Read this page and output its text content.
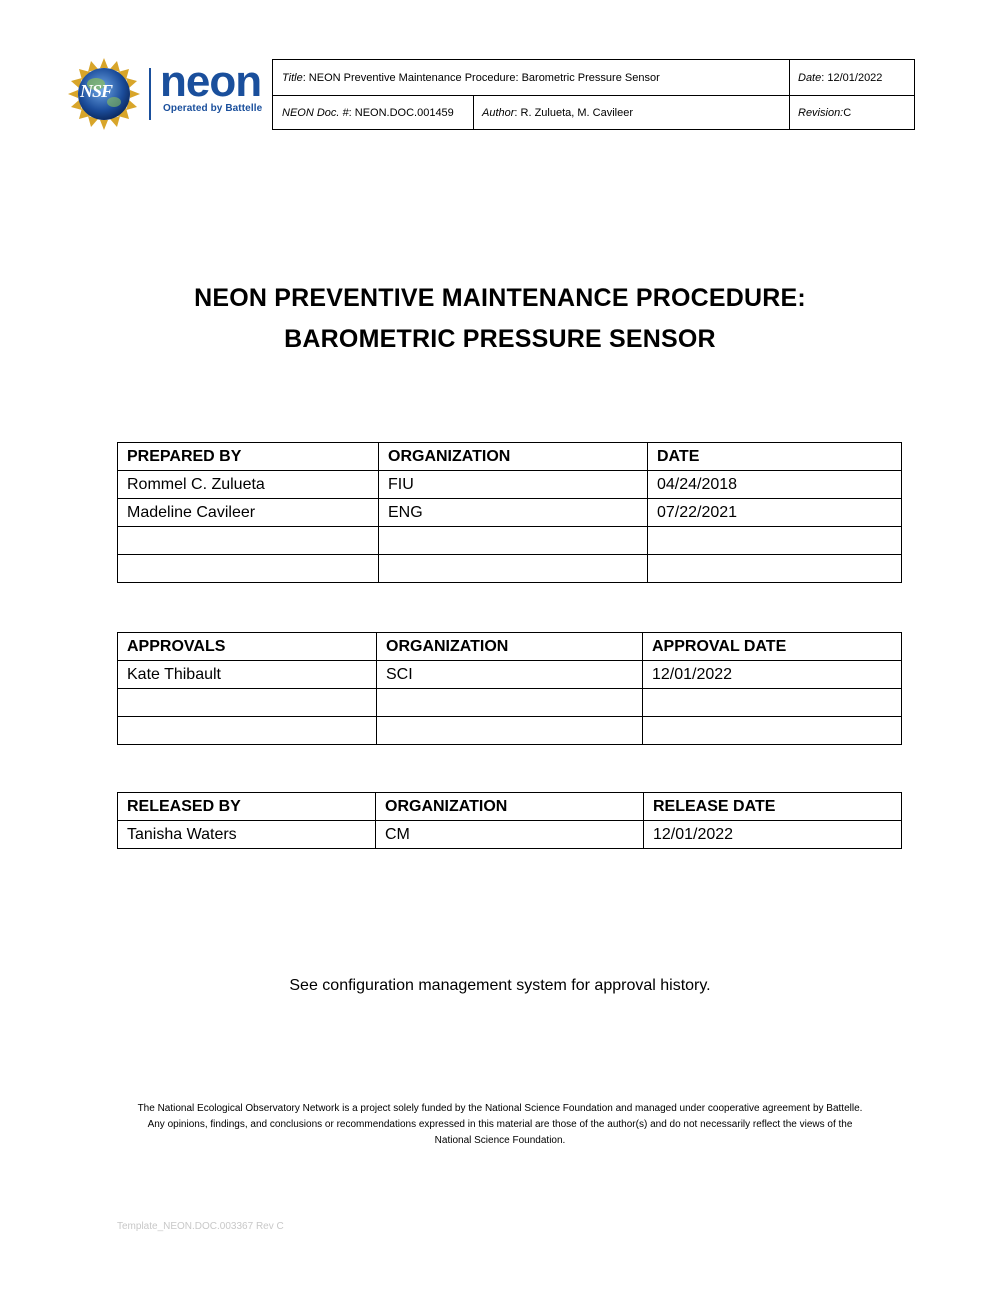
NSF neon
Operated by Battelle
Title : NEON Preventive Maintenance Procedure: Barometric Pressure Sensor	Date : 12/01/2022
NEON Doc. # : NEON.DOC.001459	Author : R. Zulueta, M. Cavileer	Revision: C
NEON PREVENTIVE MAINTENANCE PROCEDURE:
BAROMETRIC PRESSURE SENSOR
PREPARED BY	ORGANIZATION	DATE
Rommel C. Zulueta	FIU	04/24/2018
Madeline Cavileer	ENG	07/22/2021

APPROVALS	ORGANIZATION	APPROVAL DATE
Kate Thibault	SCI	12/01/2022

RELEASED BY	ORGANIZATION	RELEASE DATE
Tanisha Waters	CM	12/01/2022
See configuration management system for approval history.
The National Ecological Observatory Network is a project solely funded by the National Science Foundation and managed under cooperative agreement by Battelle.
Any opinions, findings, and conclusions or recommendations expressed in this material are those of the author(s) and do not necessarily reflect the views of the
National Science Foundation.
Template_NEON.DOC.003367 Rev C
